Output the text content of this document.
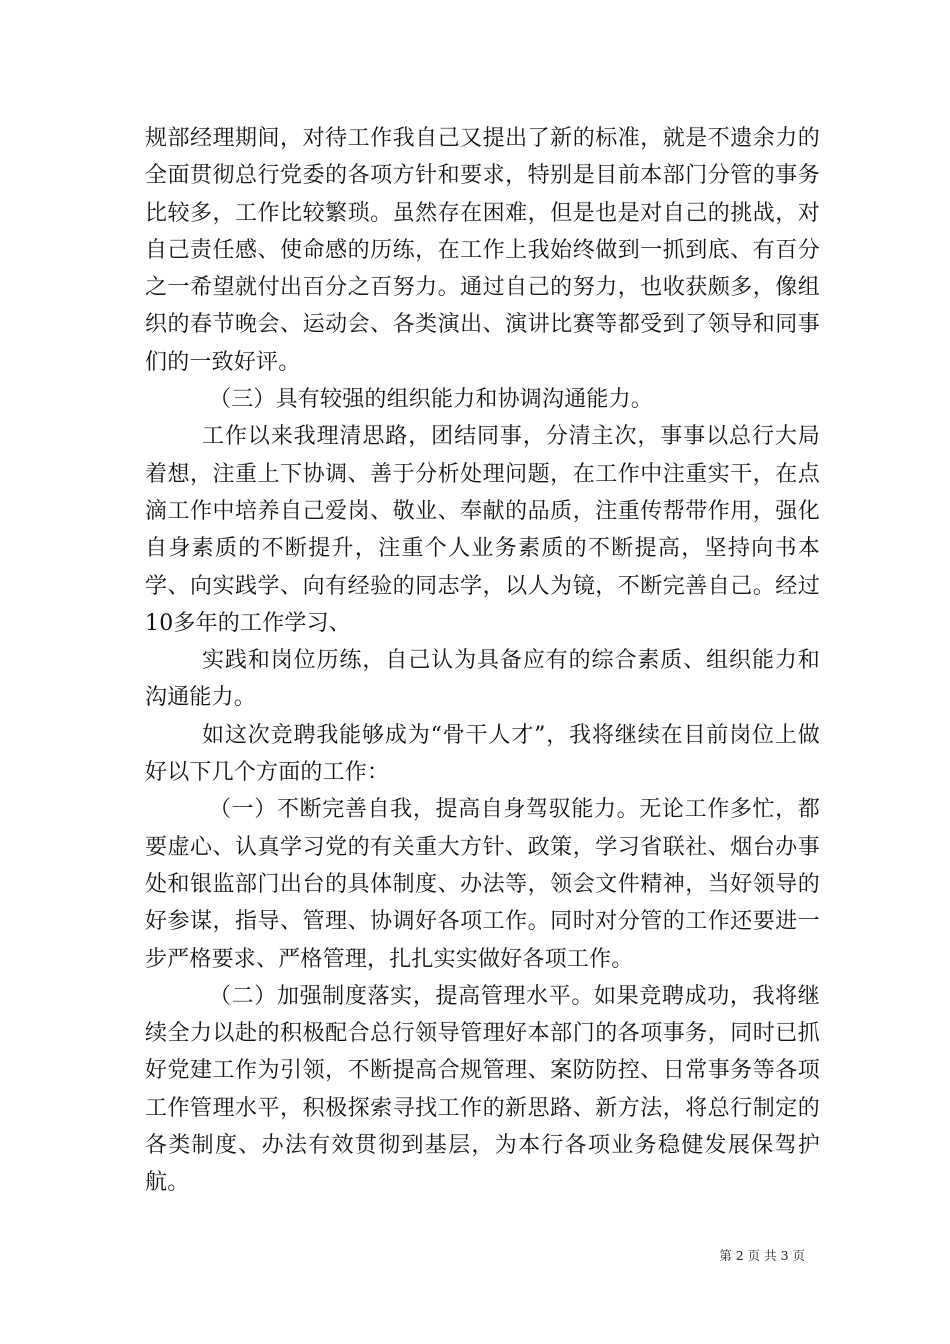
规部经理期间，对待工作我自己又提出了新的标准，就是不遗余力的全面贯彻总行党委的各项方针和要求，特别是目前本部门分管的事务比较多，工作比较繁琐。虽然存在困难，但是也是对自己的挑战，对自己责任感、使命感的历练，在工作上我始终做到一抓到底、有百分之一希望就付出百分之百努力。通过自己的努力，也收获颇多，像组织的春节晚会、运动会、各类演出、演讲比赛等都受到了领导和同事们的一致好评。

（三）具有较强的组织能力和协调沟通能力。

工作以来我理清思路，团结同事，分清主次，事事以总行大局着想，注重上下协调、善于分析处理问题，在工作中注重实干，在点滴工作中培养自己爱岗、敬业、奉献的品质，注重传帮带作用，强化自身素质的不断提升，注重个人业务素质的不断提高，坚持向书本学、向实践学、向有经验的同志学，以人为镜，不断完善自己。经过10多年的工作学习、

实践和岗位历练，自己认为具备应有的综合素质、组织能力和沟通能力。

如这次竞聘我能够成为“骨干人才”，我将继续在目前岗位上做好以下几个方面的工作：

（一）不断完善自我，提高自身驾驭能力。无论工作多忙，都要虚心、认真学习党的有关重大方针、政策，学习省联社、烟台办事处和银监部门出台的具体制度、办法等，领会文件精神，当好领导的好参谋，指导、管理、协调好各项工作。同时对分管的工作还要进一步严格要求、严格管理，扎扎实实做好各项工作。

（二）加强制度落实，提高管理水平。如果竞聘成功，我将继续全力以赴的积极配合总行领导管理好本部门的各项事务，同时已抓好党建工作为引领，不断提高合规管理、案防防控、日常事务等各项工作管理水平，积极探索寻找工作的新思路、新方法，将总行制定的各类制度、办法有效贯彻到基层，为本行各项业务稳健发展保驾护航。

第 2 页 共 3 页
